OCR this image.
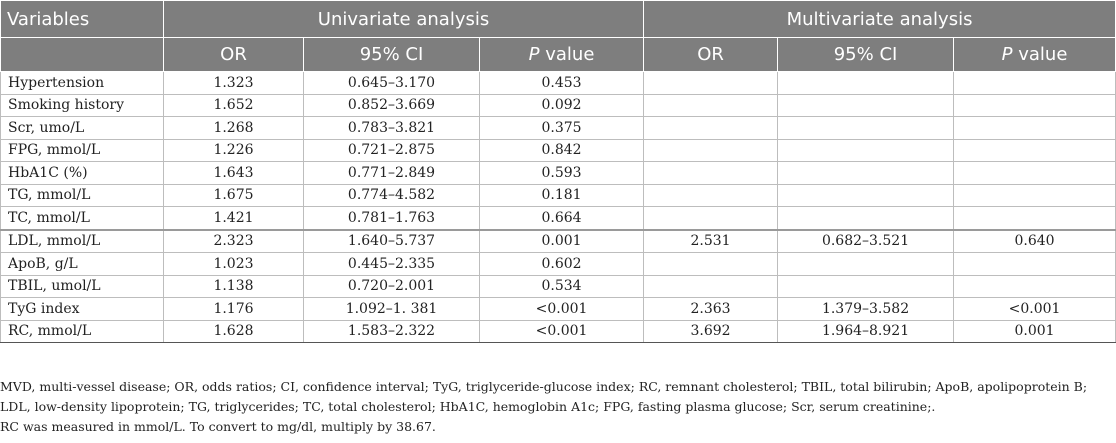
Variables	Univariate analysis			Multivariate analysis		
	OR	95% CI	P value	OR	95% CI	P value
Hypertension	1.323	0.645–3.170	0.453			
Smoking history	1.652	0.852–3.669	0.092			
Scr, umo/L	1.268	0.783–3.821	0.375			
FPG, mmol/L	1.226	0.721–2.875	0.842			
HbA1C (%)	1.643	0.771–2.849	0.593			
TG, mmol/L	1.675	0.774–4.582	0.181			
TC, mmol/L	1.421	0.781–1.763	0.664			
LDL, mmol/L	2.323	1.640–5.737	0.001	2.531	0.682–3.521	0.640
ApoB, g/L	1.023	0.445–2.335	0.602			
TBIL, umol/L	1.138	0.720–2.001	0.534			
TyG index	1.176	1.092–1. 381	<0.001	2.363	1.379–3.582	<0.001
RC, mmol/L	1.628	1.583–2.322	<0.001	3.692	1.964–8.921	0.001

MVD, multi-vessel disease; OR, odds ratios; CI, confidence interval; TyG, triglyceride-glucose index; RC, remnant cholesterol; TBIL, total bilirubin; ApoB, apolipoprotein B; LDL, low-density lipoprotein; TG, triglycerides; TC, total cholesterol; HbA1C, hemoglobin A1c; FPG, fasting plasma glucose; Scr, serum creatinine;.

RC was measured in mmol/L. To convert to mg/dl, multiply by 38.67.
